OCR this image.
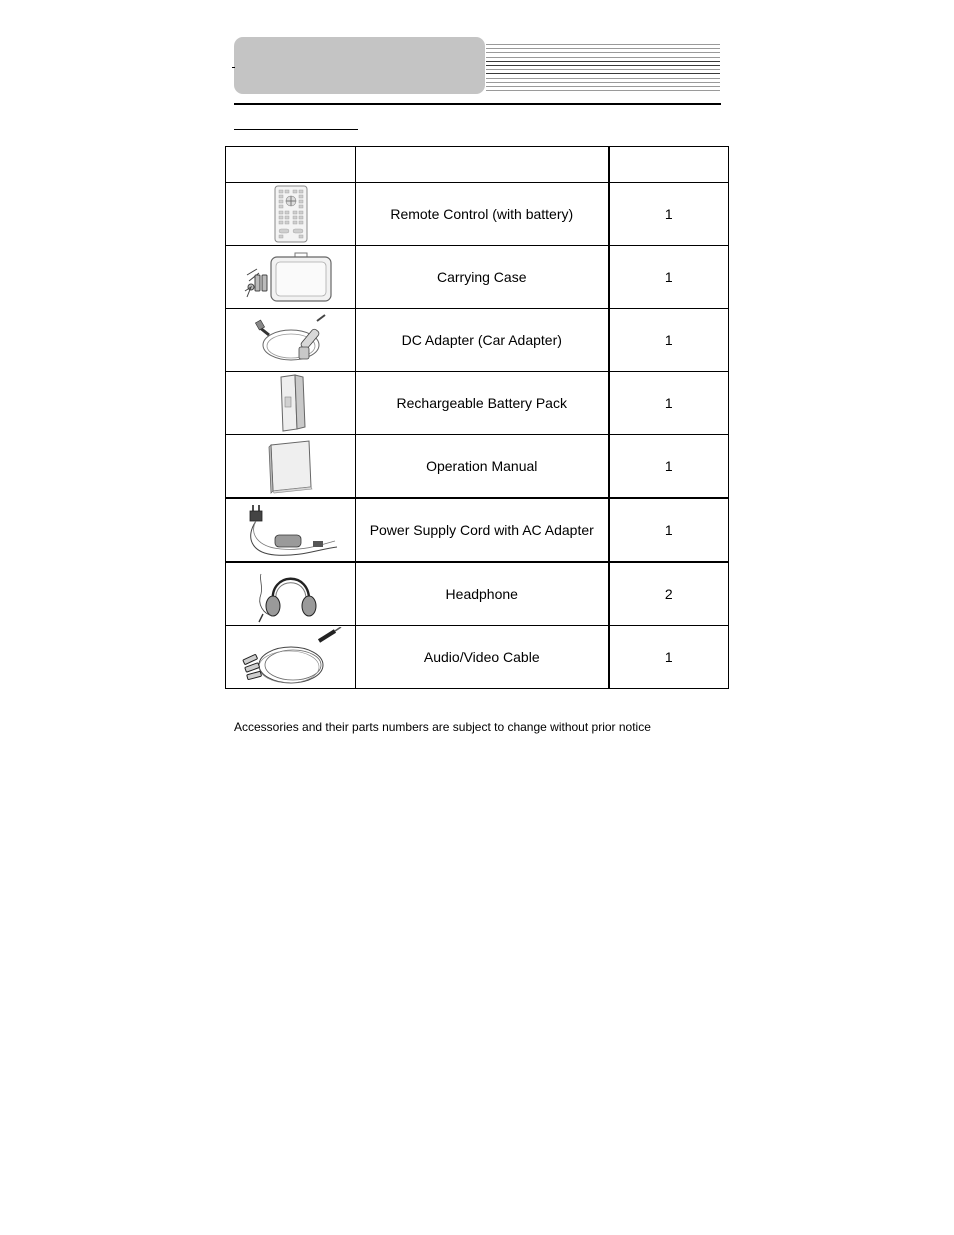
	Remote Control (with battery)	1

	Carrying Case	1

	DC Adapter (Car Adapter)	1

	Rechargeable Battery Pack	1

	Operation Manual	1

	Power Supply Cord with AC Adapter	1

	Headphone	2

	Audio/Video Cable	1
Accessories and their parts numbers are subject to change without prior notice
